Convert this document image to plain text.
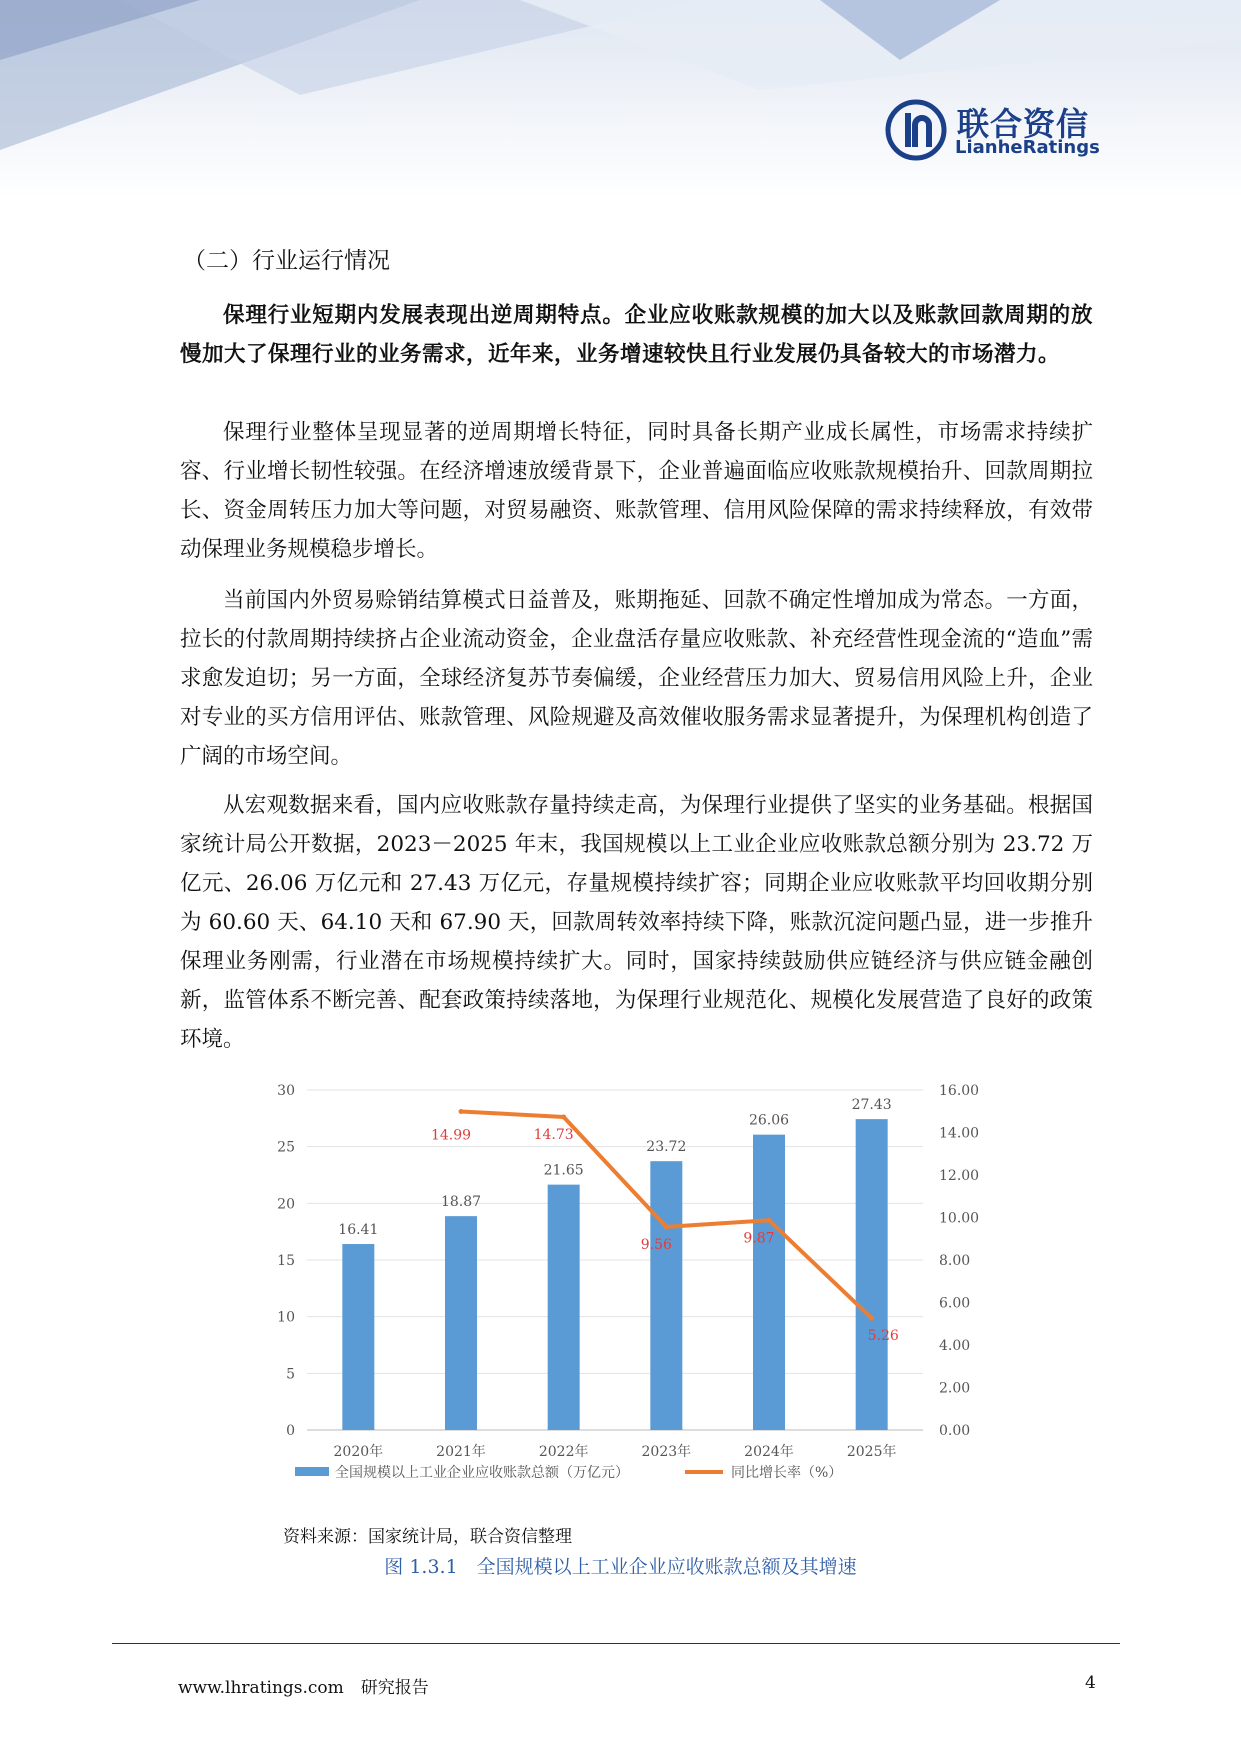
联合资信
LianheRatings
（二）行业运行情况

保理行业短期内发展表现出逆周期特点。企业应收账款规模的加大以及账款回款周期的放慢加大了保理行业的业务需求，近年来，业务增速较快且行业发展仍具备较大的市场潜力。

保理行业整体呈现显著的逆周期增长特征，同时具备长期产业成长属性，市场需求持续扩容、行业增长韧性较强。在经济增速放缓背景下，企业普遍面临应收账款规模抬升、回款周期拉长、资金周转压力加大等问题，对贸易融资、账款管理、信用风险保障的需求持续释放，有效带动保理业务规模稳步增长。

当前国内外贸易赊销结算模式日益普及，账期拖延、回款不确定性增加成为常态。一方面，拉长的付款周期持续挤占企业流动资金，企业盘活存量应收账款、补充经营性现金流的“造血”需求愈发迫切；另一方面，全球经济复苏节奏偏缓，企业经营压力加大、贸易信用风险上升，企业对专业的买方信用评估、账款管理、风险规避及高效催收服务需求显著提升，为保理机构创造了广阔的市场空间。

从宏观数据来看，国内应收账款存量持续走高，为保理行业提供了坚实的业务基础。根据国家统计局公开数据，2023－2025 年末，我国规模以上工业企业应收账款总额分别为 23.72 万亿元、26.06 万亿元和 27.43 万亿元，存量规模持续扩容；同期企业应收账款平均回收期分别为 60.60 天、64.10 天和 67.90 天，回款周转效率持续下降，账款沉淀问题凸显，进一步推升保理业务刚需，行业潜在市场规模持续扩大。同时，国家持续鼓励供应链经济与供应链金融创新，监管体系不断完善、配套政策持续落地，为保理行业规范化、规模化发展营造了良好的政策环境。

0
5
10
15
20
25
30
0.00
2.00
4.00
6.00
8.00
10.00
12.00
14.00
16.00
16.41
2020年
18.87
2021年
21.65
2022年
23.72
2023年
26.06
2024年
27.43
2025年
14.99	14.73
9.56	9.87
5.26
全国规模以上工业企业应收账款总额（万亿元）	同比增长率（%）
资料来源：国家统计局，联合资信整理
图 1.3.1　全国规模以上工业企业应收账款总额及其增速
www.lhratings.com　研究报告	4
